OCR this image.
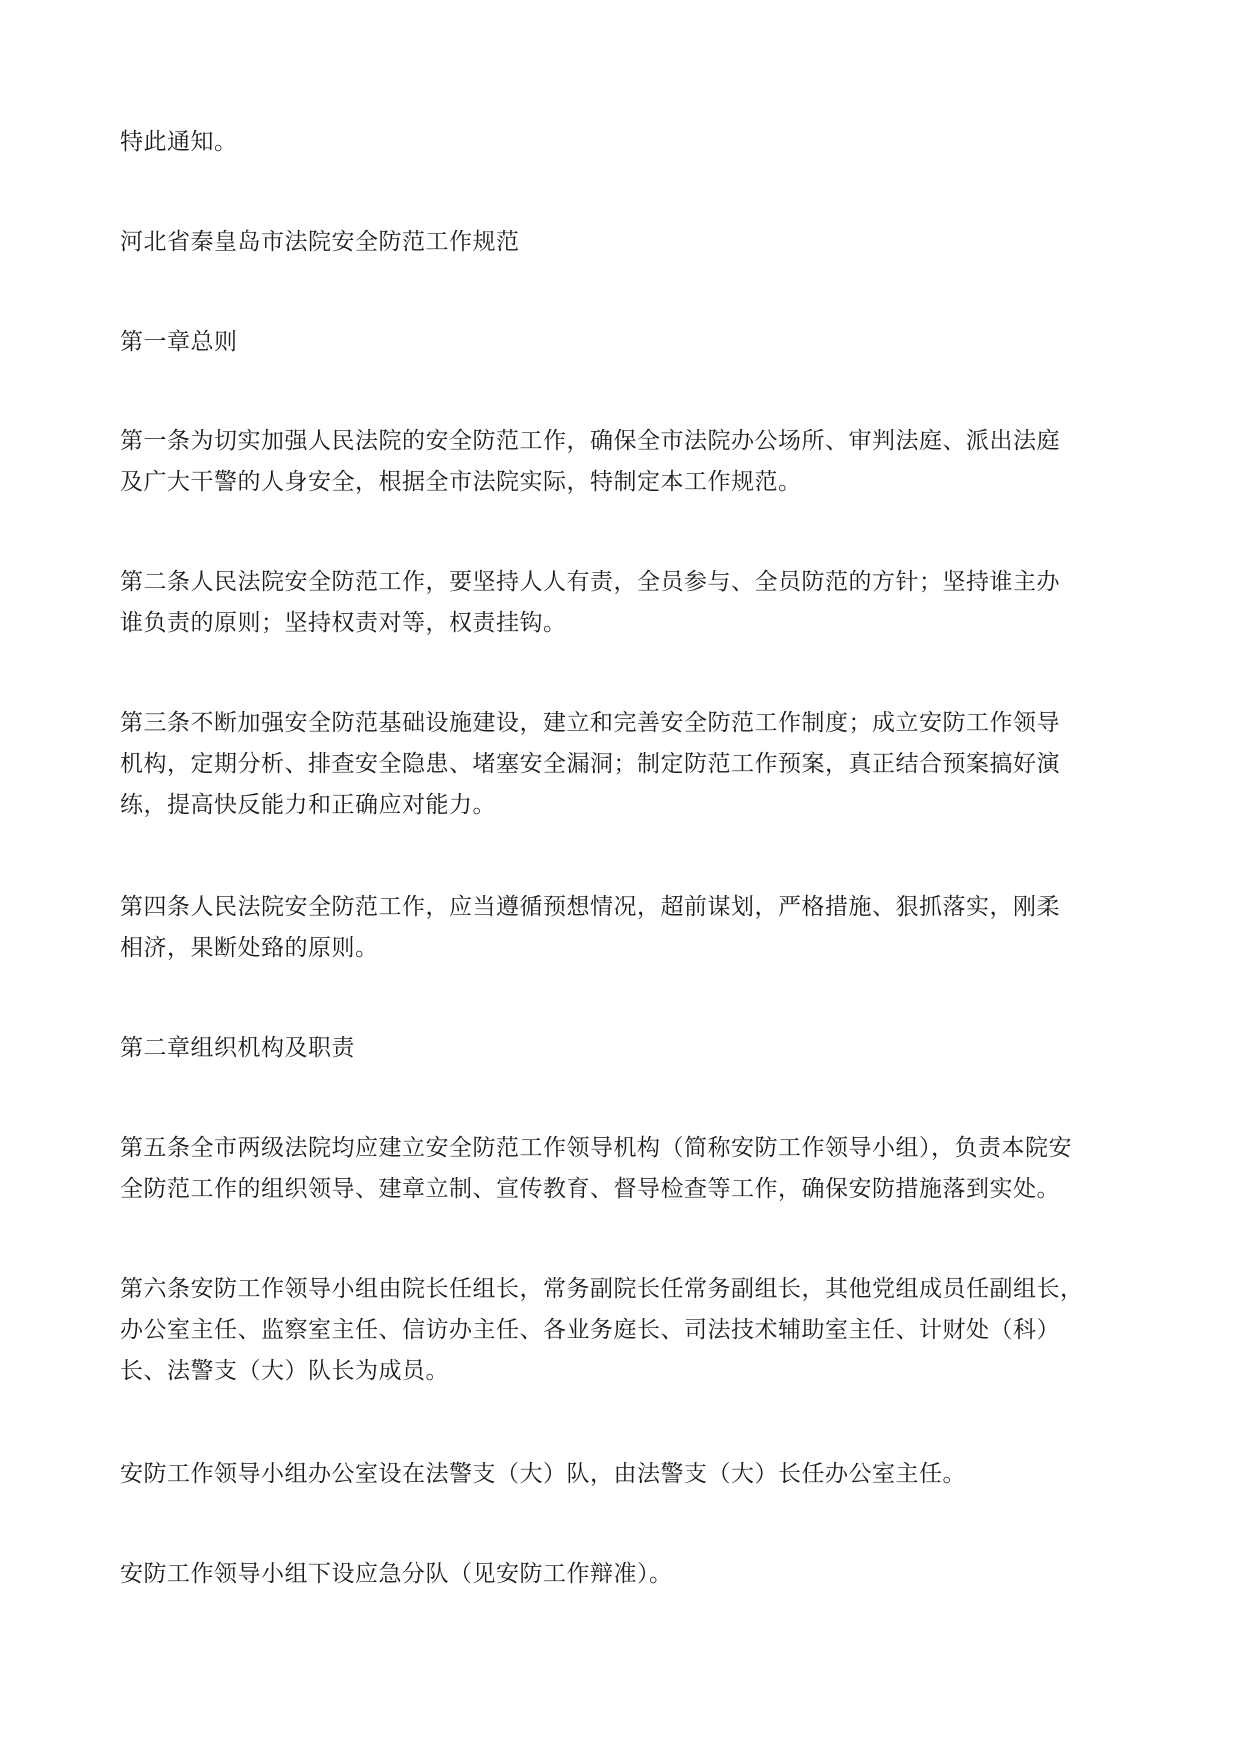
特此通知。

河北省秦皇岛市法院安全防范工作规范

第一章总则

第一条为切实加强人民法院的安全防范工作，确保全市法院办公场所、审判法庭、派出法庭
及广大干警的人身安全，根据全市法院实际，特制定本工作规范。

第二条人民法院安全防范工作，要坚持人人有责，全员参与、全员防范的方针；坚持谁主办
谁负责的原则；坚持权责对等，权责挂钩。

第三条不断加强安全防范基础设施建设，建立和完善安全防范工作制度；成立安防工作领导
机构，定期分析、排查安全隐患、堵塞安全漏洞；制定防范工作预案，真正结合预案搞好演
练，提高快反能力和正确应对能力。

第四条人民法院安全防范工作，应当遵循预想情况，超前谋划，严格措施、狠抓落实，刚柔
相济，果断处臵的原则。

第二章组织机构及职责

第五条全市两级法院均应建立安全防范工作领导机构（简称安防工作领导小组），负责本院安
全防范工作的组织领导、建章立制、宣传教育、督导检查等工作，确保安防措施落到实处。

第六条安防工作领导小组由院长任组长，常务副院长任常务副组长，其他党组成员任副组长，
办公室主任、监察室主任、信访办主任、各业务庭长、司法技术辅助室主任、计财处（科）
长、法警支（大）队长为成员。

安防工作领导小组办公室设在法警支（大）队，由法警支（大）长任办公室主任。

安防工作领导小组下设应急分队（见安防工作辩准）。
